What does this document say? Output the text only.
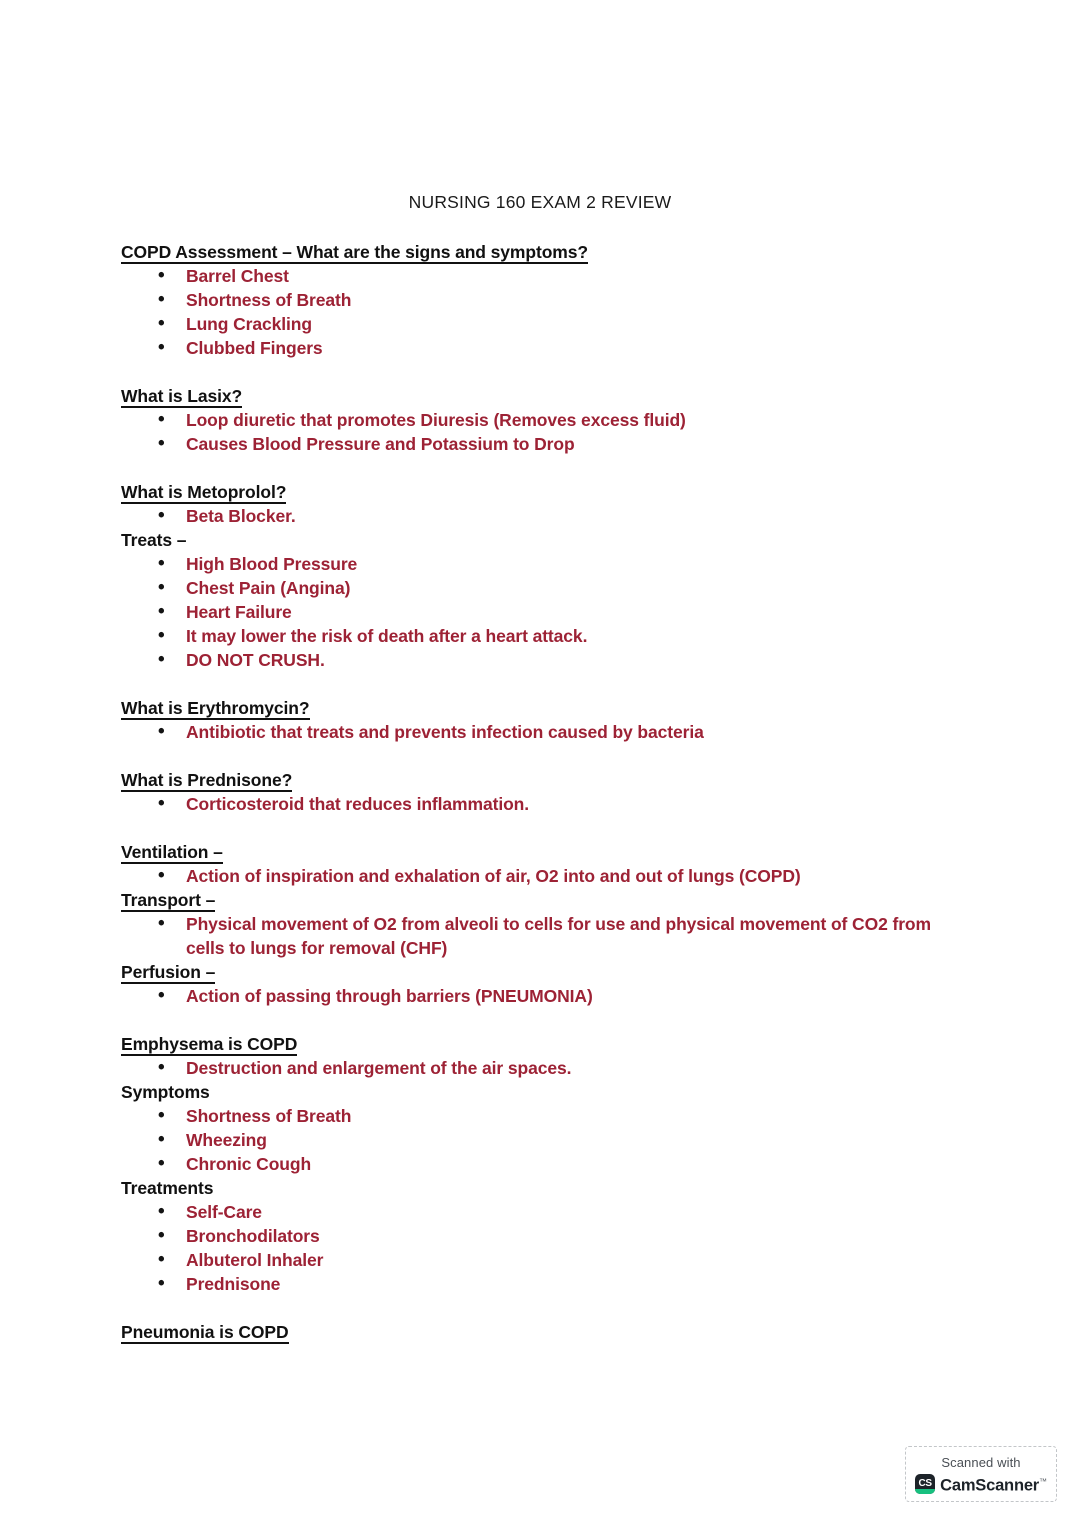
NURSING 160 EXAM 2 REVIEW
COPD Assessment – What are the signs and symptoms?
• Barrel Chest
• Shortness of Breath
• Lung Crackling
• Clubbed Fingers
What is Lasix?
• Loop diuretic that promotes Diuresis (Removes excess fluid)
• Causes Blood Pressure and Potassium to Drop
What is Metoprolol?
• Beta Blocker.
Treats –
• High Blood Pressure
• Chest Pain (Angina)
• Heart Failure
• It may lower the risk of death after a heart attack.
• DO NOT CRUSH.
What is Erythromycin?
• Antibiotic that treats and prevents infection caused by bacteria
What is Prednisone?
• Corticosteroid that reduces inflammation.
Ventilation –
• Action of inspiration and exhalation of air, O2 into and out of lungs (COPD)
Transport –
• Physical movement of O2 from alveoli to cells for use and physical movement of CO2 from cells to lungs for removal (CHF)
Perfusion –
• Action of passing through barriers (PNEUMONIA)
Emphysema is COPD
• Destruction and enlargement of the air spaces.
Symptoms
• Shortness of Breath
• Wheezing
• Chronic Cough
Treatments
• Self-Care
• Bronchodilators
• Albuterol Inhaler
• Prednisone
Pneumonia is COPD
Scanned with
CS CamScanner™
